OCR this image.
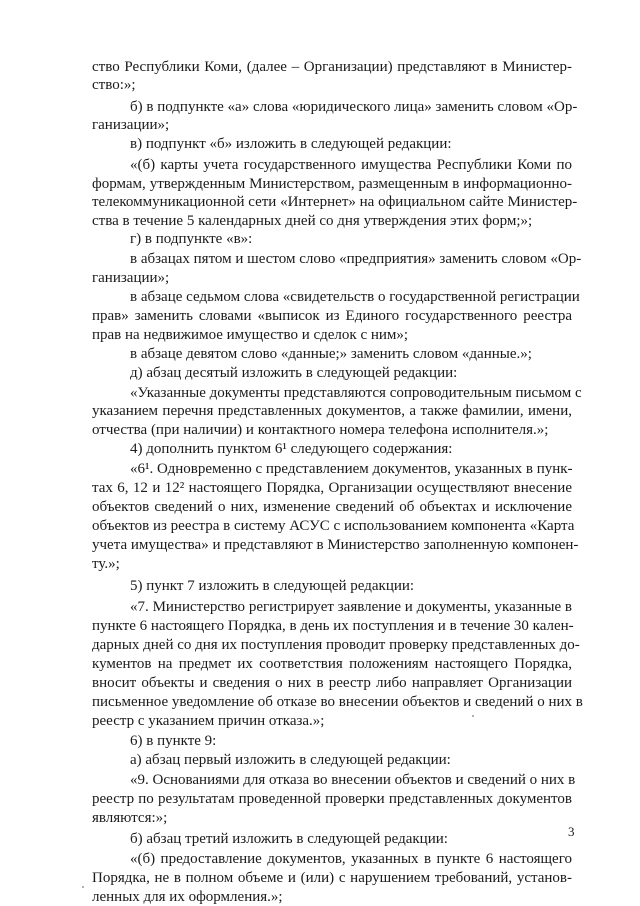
ство Республики Коми, (далее – Организации) представляют в Министер-
ство:»;
б) в подпункте «а» слова «юридического лица» заменить словом «Ор-
ганизации»;
в) подпункт «б» изложить в следующей редакции:
«(б) карты учета государственного имущества Республики Коми по
формам, утвержденным Министерством, размещенным в информационно-
телекоммуникационной сети «Интернет» на официальном сайте Министер-
ства в течение 5 календарных дней со дня утверждения этих форм;»;
г) в подпункте «в»:
в абзацах пятом и шестом слово «предприятия» заменить словом «Ор-
ганизации»;
в абзаце седьмом слова «свидетельств о государственной регистрации
прав» заменить словами «выписок из Единого государственного реестра
прав на недвижимое имущество и сделок с ним»;
в абзаце девятом слово «данные;» заменить словом «данные.»;
д) абзац десятый изложить в следующей редакции:
«Указанные документы представляются сопроводительным письмом с
указанием перечня представленных документов, а также фамилии, имени,
отчества (при наличии) и контактного номера телефона исполнителя.»;
4) дополнить пунктом 6¹ следующего содержания:
«6¹. Одновременно с представлением документов, указанных в пунк-
тах 6, 12 и 12² настоящего Порядка, Организации осуществляют внесение
объектов сведений о них, изменение сведений об объектах и исключение
объектов из реестра в систему АСУС с использованием компонента «Карта
учета имущества» и представляют в Министерство заполненную компонен-
ту.»;
5) пункт 7 изложить в следующей редакции:
«7. Министерство регистрирует заявление и документы, указанные в
пункте 6 настоящего Порядка, в день их поступления и в течение 30 кален-
дарных дней со дня их поступления проводит проверку представленных до-
кументов на предмет их соответствия положениям настоящего Порядка,
вносит объекты и сведения о них в реестр либо направляет Организации
письменное уведомление об отказе во внесении объектов и сведений о них в
реестр с указанием причин отказа.»;
6) в пункте 9:
а) абзац первый изложить в следующей редакции:
«9. Основаниями для отказа во внесении объектов и сведений о них в
реестр по результатам проведенной проверки представленных документов
являются:»;
б) абзац третий изложить в следующей редакции:
«(б) предоставление документов, указанных в пункте 6 настоящего
Порядка, не в полном объеме и (или) с нарушением требований, установ-
ленных для их оформления.»;
3
